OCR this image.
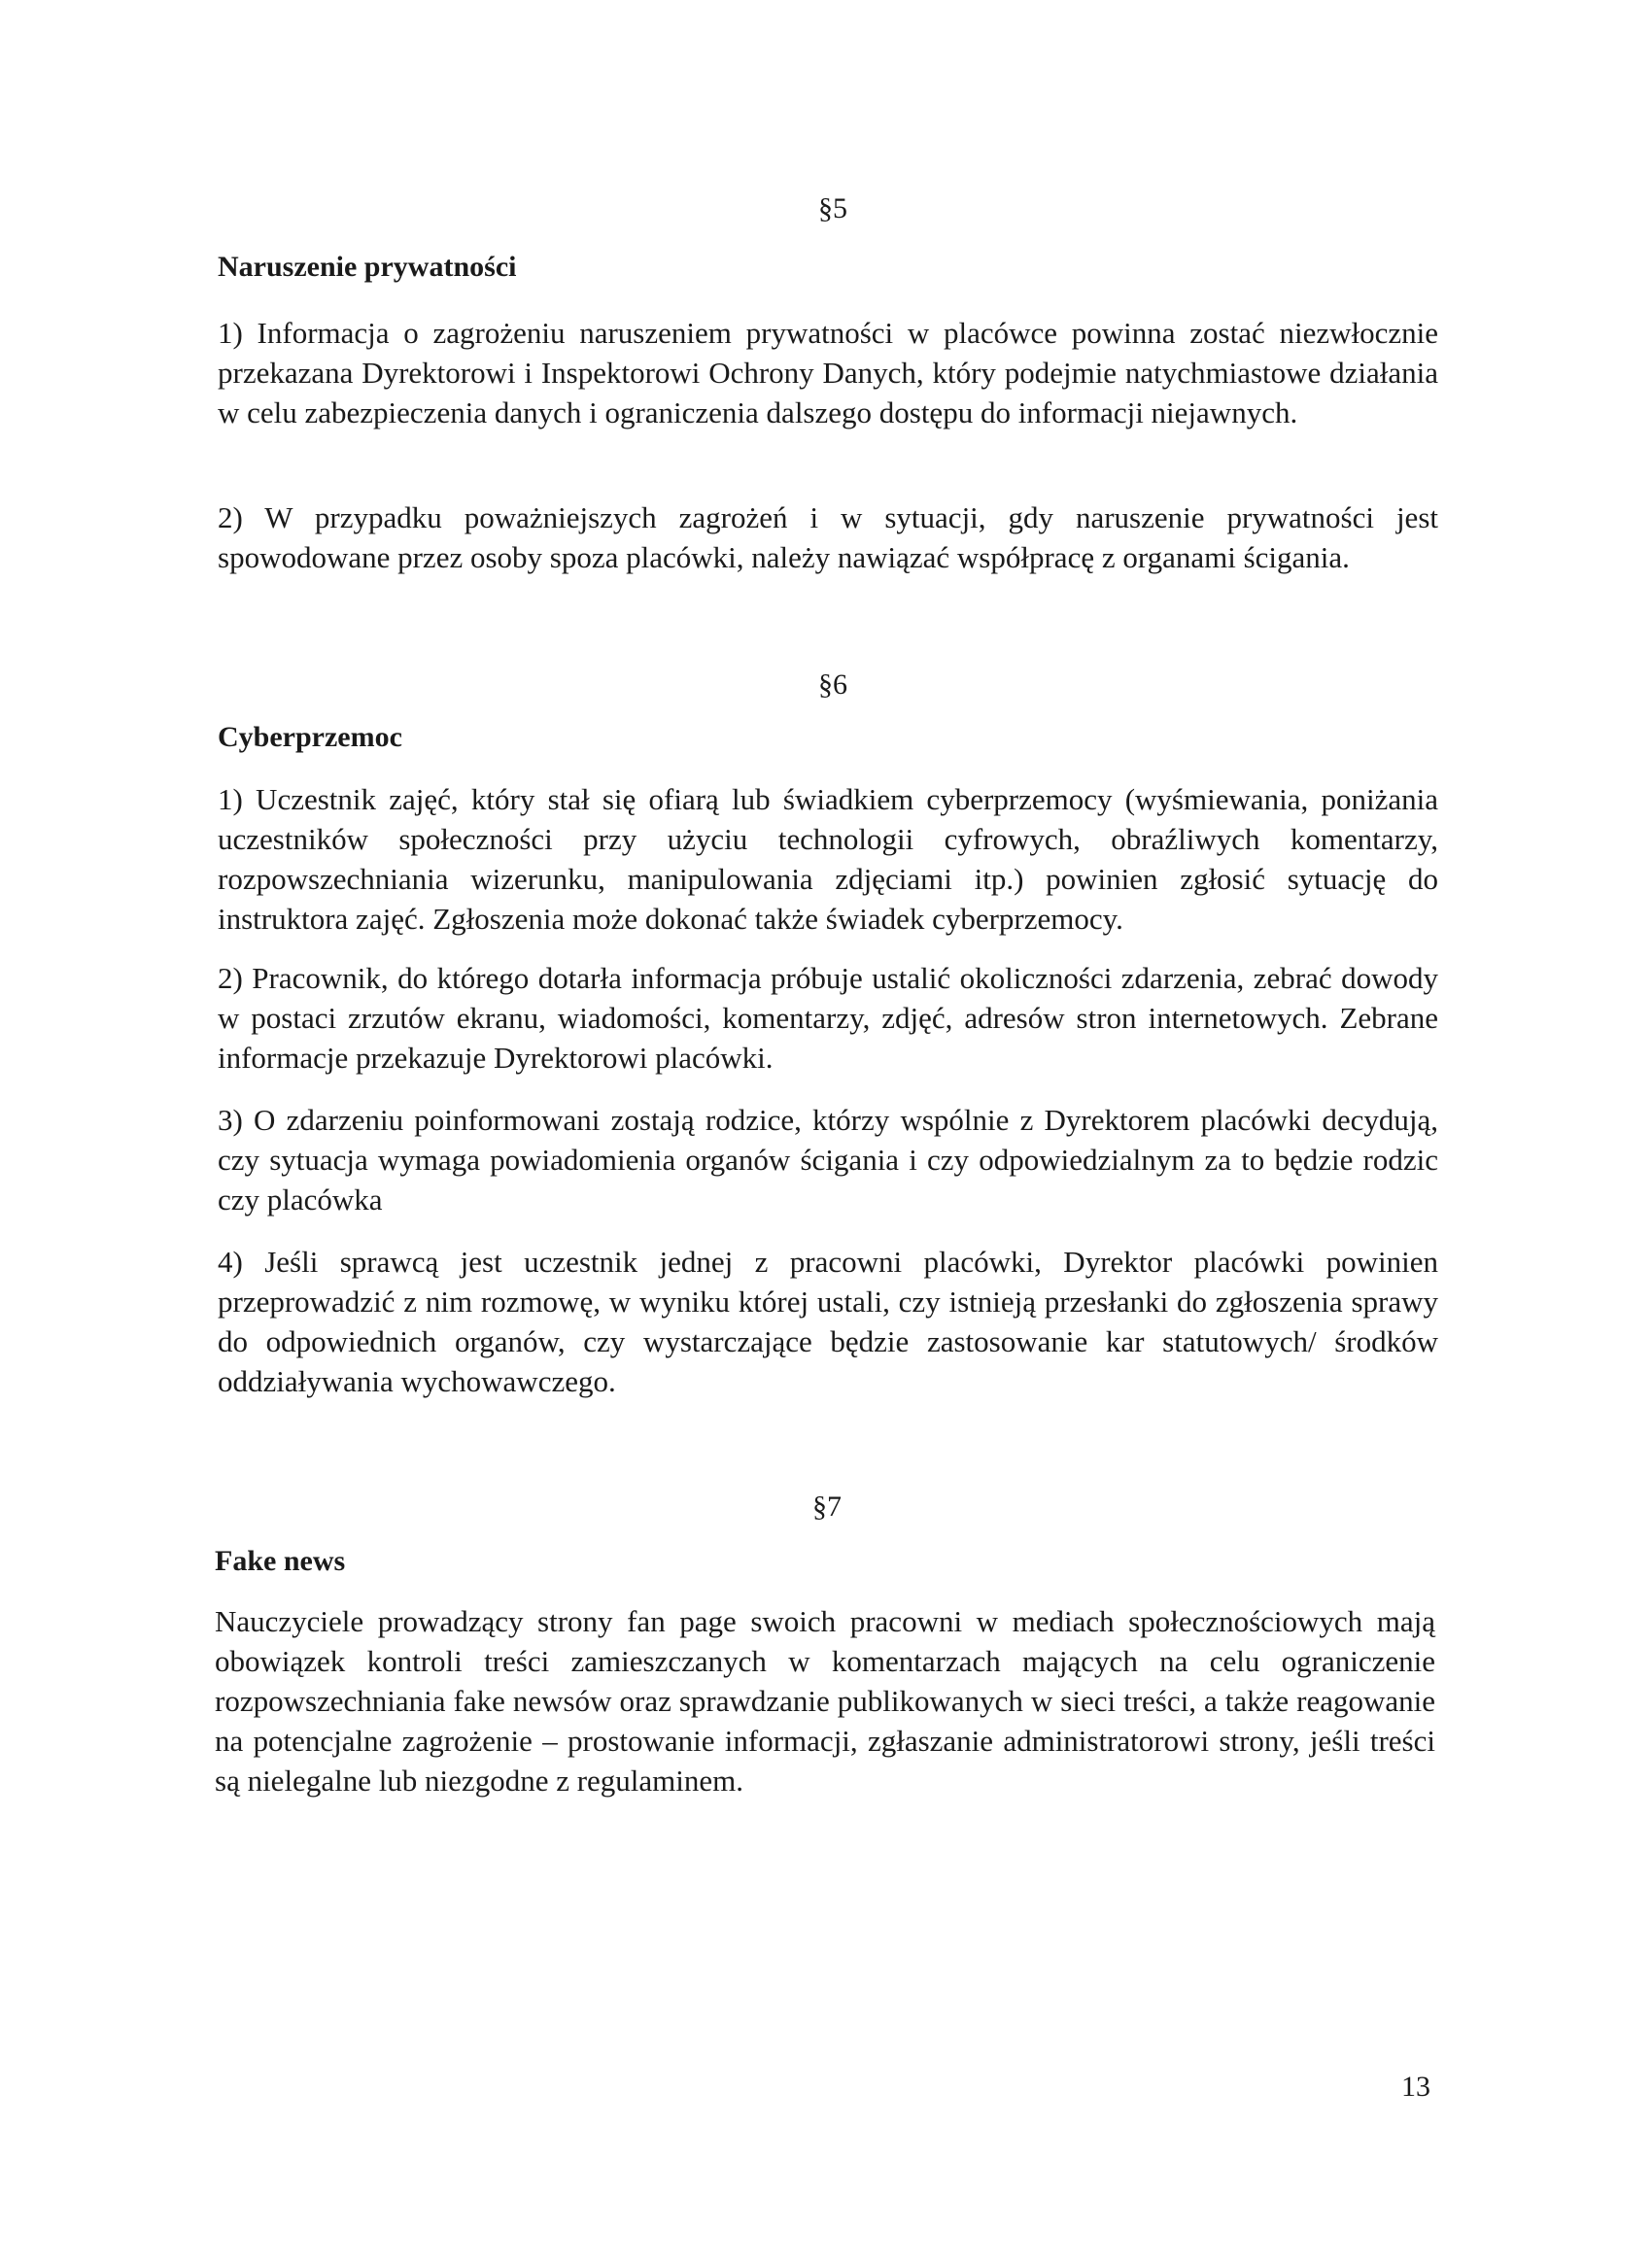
§5
Naruszenie prywatności

1) Informacja o zagrożeniu naruszeniem prywatności w placówce powinna zostać niezwłocznie przekazana Dyrektorowi i Inspektorowi Ochrony Danych, który podejmie natychmiastowe działania w celu zabezpieczenia danych i ograniczenia dalszego dostępu do informacji niejawnych.

2) W przypadku poważniejszych zagrożeń i w sytuacji, gdy naruszenie prywatności jest spowodowane przez osoby spoza placówki, należy nawiązać współpracę z organami ścigania.

§6
Cyberprzemoc

1) Uczestnik zajęć, który stał się ofiarą lub świadkiem cyberprzemocy (wyśmiewania, poniżania uczestników społeczności przy użyciu technologii cyfrowych, obraźliwych komentarzy, rozpowszechniania wizerunku, manipulowania zdjęciami itp.) powinien zgłosić sytuację do instruktora zajęć. Zgłoszenia może dokonać także świadek cyberprzemocy.

2) Pracownik, do którego dotarła informacja próbuje ustalić okoliczności zdarzenia, zebrać dowody w postaci zrzutów ekranu, wiadomości, komentarzy, zdjęć, adresów stron internetowych. Zebrane informacje przekazuje Dyrektorowi placówki.

3) O zdarzeniu poinformowani zostają rodzice, którzy wspólnie z Dyrektorem placówki decydują, czy sytuacja wymaga powiadomienia organów ścigania i czy odpowiedzialnym za to będzie rodzic czy placówka

4) Jeśli sprawcą jest uczestnik jednej z pracowni placówki, Dyrektor placówki powinien przeprowadzić z nim rozmowę, w wyniku której ustali, czy istnieją przesłanki do zgłoszenia sprawy do odpowiednich organów, czy wystarczające będzie zastosowanie kar statutowych/ środków oddziaływania wychowawczego.

§7
Fake news

Nauczyciele prowadzący strony fan page swoich pracowni w mediach społecznościowych mają obowiązek kontroli treści zamieszczanych w komentarzach mających na celu ograniczenie rozpowszechniania fake newsów oraz sprawdzanie publikowanych w sieci treści, a także reagowanie na potencjalne zagrożenie – prostowanie informacji, zgłaszanie administratorowi strony, jeśli treści są nielegalne lub niezgodne z regulaminem.

13
